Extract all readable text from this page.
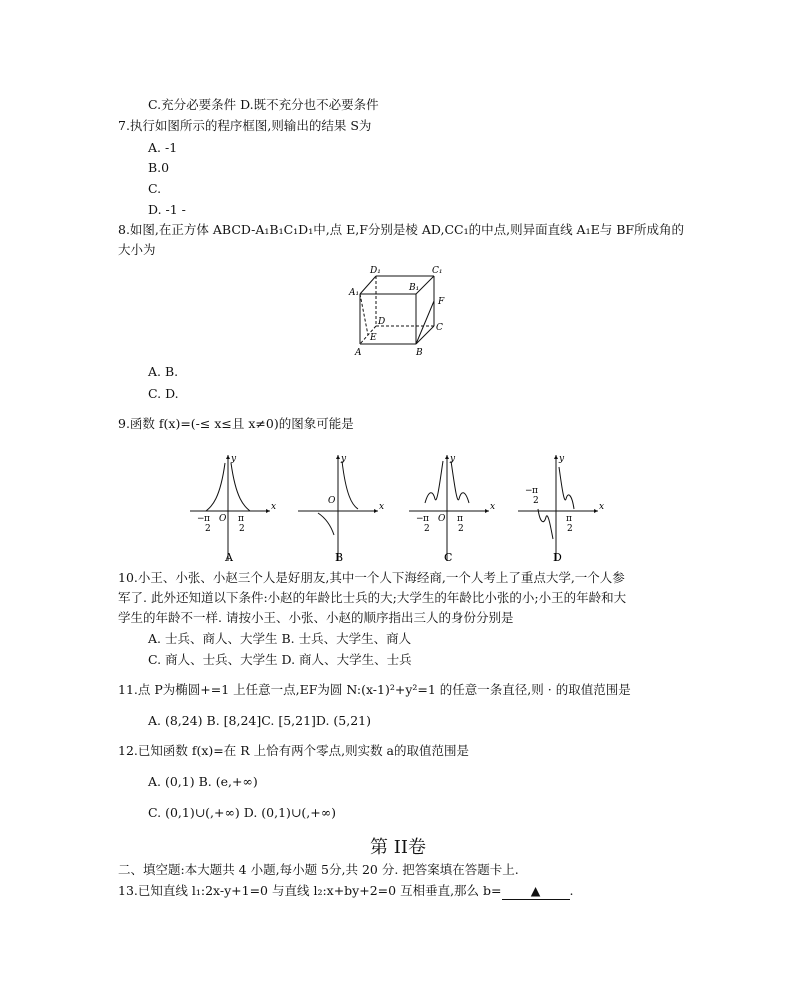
C.充分必要条件 D.既不充分也不必要条件
7.执行如图所示的程序框图,则输出的结果 S为
A. -1
B.0
C.
D. -1 -
8.如图,在正方体 ABCD-A₁B₁C₁D₁中,点 E,F分别是棱 AD,CC₁的中点,则异面直线 A₁E与 BF所成角的
大小为
D₁	C₁
A₁	B₁
F
D
C
E
A	B
A. B.
C. D.
9.函数 f(x)=(-≤ x≤且 x≠0)的图象可能是
y
x
O
− π
2
π
2
A
y
x
O
B
y
x
O
− π
2
π
2
C
y
x
− π
2
π
2
D
10.小王、小张、小赵三个人是好朋友,其中一个人下海经商,一个人考上了重点大学,一个人参
军了. 此外还知道以下条件:小赵的年龄比士兵的大;大学生的年龄比小张的小;小王的年龄和大
学生的年龄不一样. 请按小王、小张、小赵的顺序指出三人的身份分别是
A. 士兵、商人、大学生 B. 士兵、大学生、商人
C. 商人、士兵、大学生 D. 商人、大学生、士兵
11.点 P为椭圆+=1 上任意一点,EF为圆 N:(x-1)²+y²=1 的任意一条直径,则 · 的取值范围是
A. (8,24) B. [8,24]C. [5,21]D. (5,21)
12.已知函数 f(x)=在 R 上恰有两个零点,则实数 a的取值范围是
A. (0,1) B. (e,+∞)
C. (0,1)∪(,+∞) D. (0,1)∪(,+∞)
第 II卷
二、填空题:本大题共 4 小题,每小题 5分,共 20 分. 把答案填在答题卡上.
13.已知直线 l₁:2x-y+1=0 与直线 l₂:x+by+2=0 互相垂直,那么 b= ▲ .
